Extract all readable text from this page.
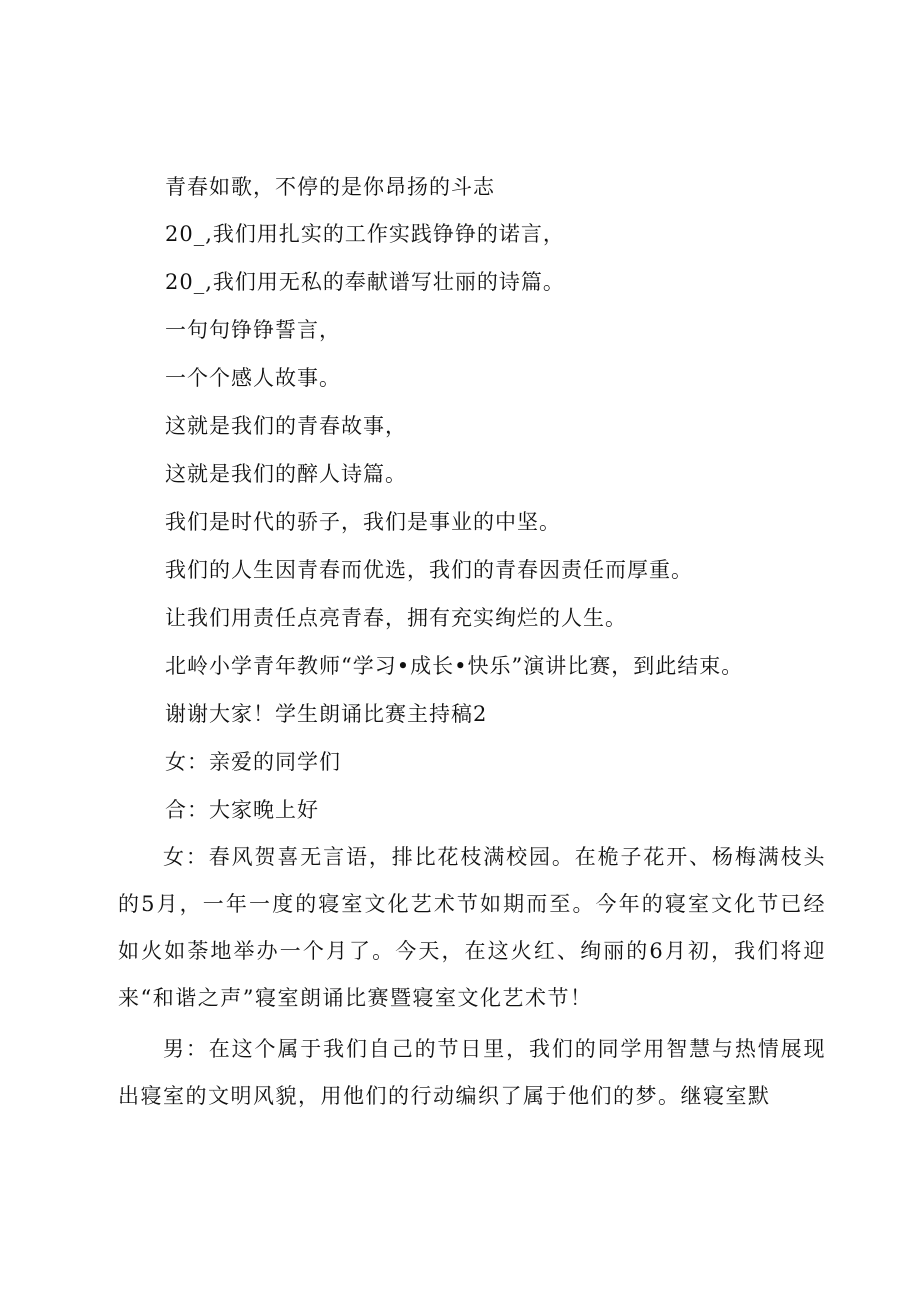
青春如歌，不停的是你昂扬的斗志
20_,我们用扎实的工作实践铮铮的诺言，
20_,我们用无私的奉献谱写壮丽的诗篇。
一句句铮铮誓言，
一个个感人故事。
这就是我们的青春故事，
这就是我们的醉人诗篇。
我们是时代的骄子，我们是事业的中坚。
我们的人生因青春而优选，我们的青春因责任而厚重。
让我们用责任点亮青春，拥有充实绚烂的人生。
北岭小学青年教师“学习•成长•快乐”演讲比赛，到此结束。
谢谢大家！学生朗诵比赛主持稿2
女：亲爱的同学们
合：大家晚上好
女：春风贺喜无言语，排比花枝满校园。在桅子花开、杨梅满枝头的5月，一年一度的寝室文化艺术节如期而至。今年的寝室文化节已经如火如荼地举办一个月了。今天，在这火红、绚丽的6月初，我们将迎来“和谐之声”寝室朗诵比赛暨寝室文化艺术节！
男：在这个属于我们自己的节日里，我们的同学用智慧与热情展现出寝室的文明风貌，用他们的行动编织了属于他们的梦。继寝室默
